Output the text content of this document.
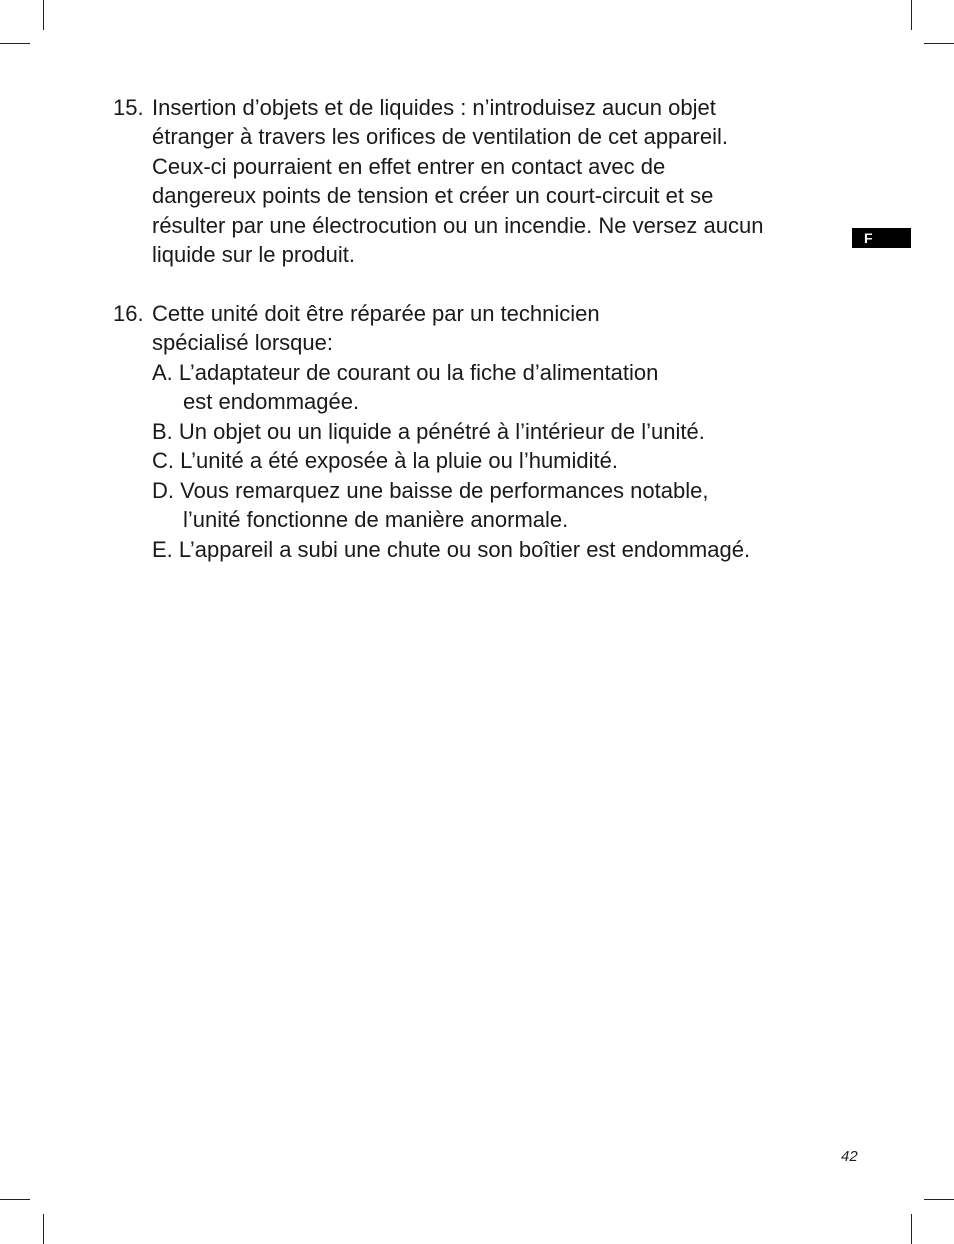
F
15. Insertion d’objets et de liquides : n’introduisez aucun objet
étranger à travers les orifices de ventilation de cet appareil.
Ceux-ci pourraient en effet entrer en contact avec de
dangereux points de tension et créer un court-circuit et se
résulter par une électrocution ou un incendie. Ne versez aucun
liquide sur le produit.
16. Cette unité doit être réparée par un technicien
spécialisé lorsque:
A. L’adaptateur de courant ou la fiche d’alimentation
est endommagée.
B. Un objet ou un liquide a pénétré à l’intérieur de l’unité.
C. L’unité a été exposée à la pluie ou l’humidité.
D. Vous remarquez une baisse de performances notable,
l’unité fonctionne de manière anormale.
E. L’appareil a subi une chute ou son boîtier est endommagé.
42
